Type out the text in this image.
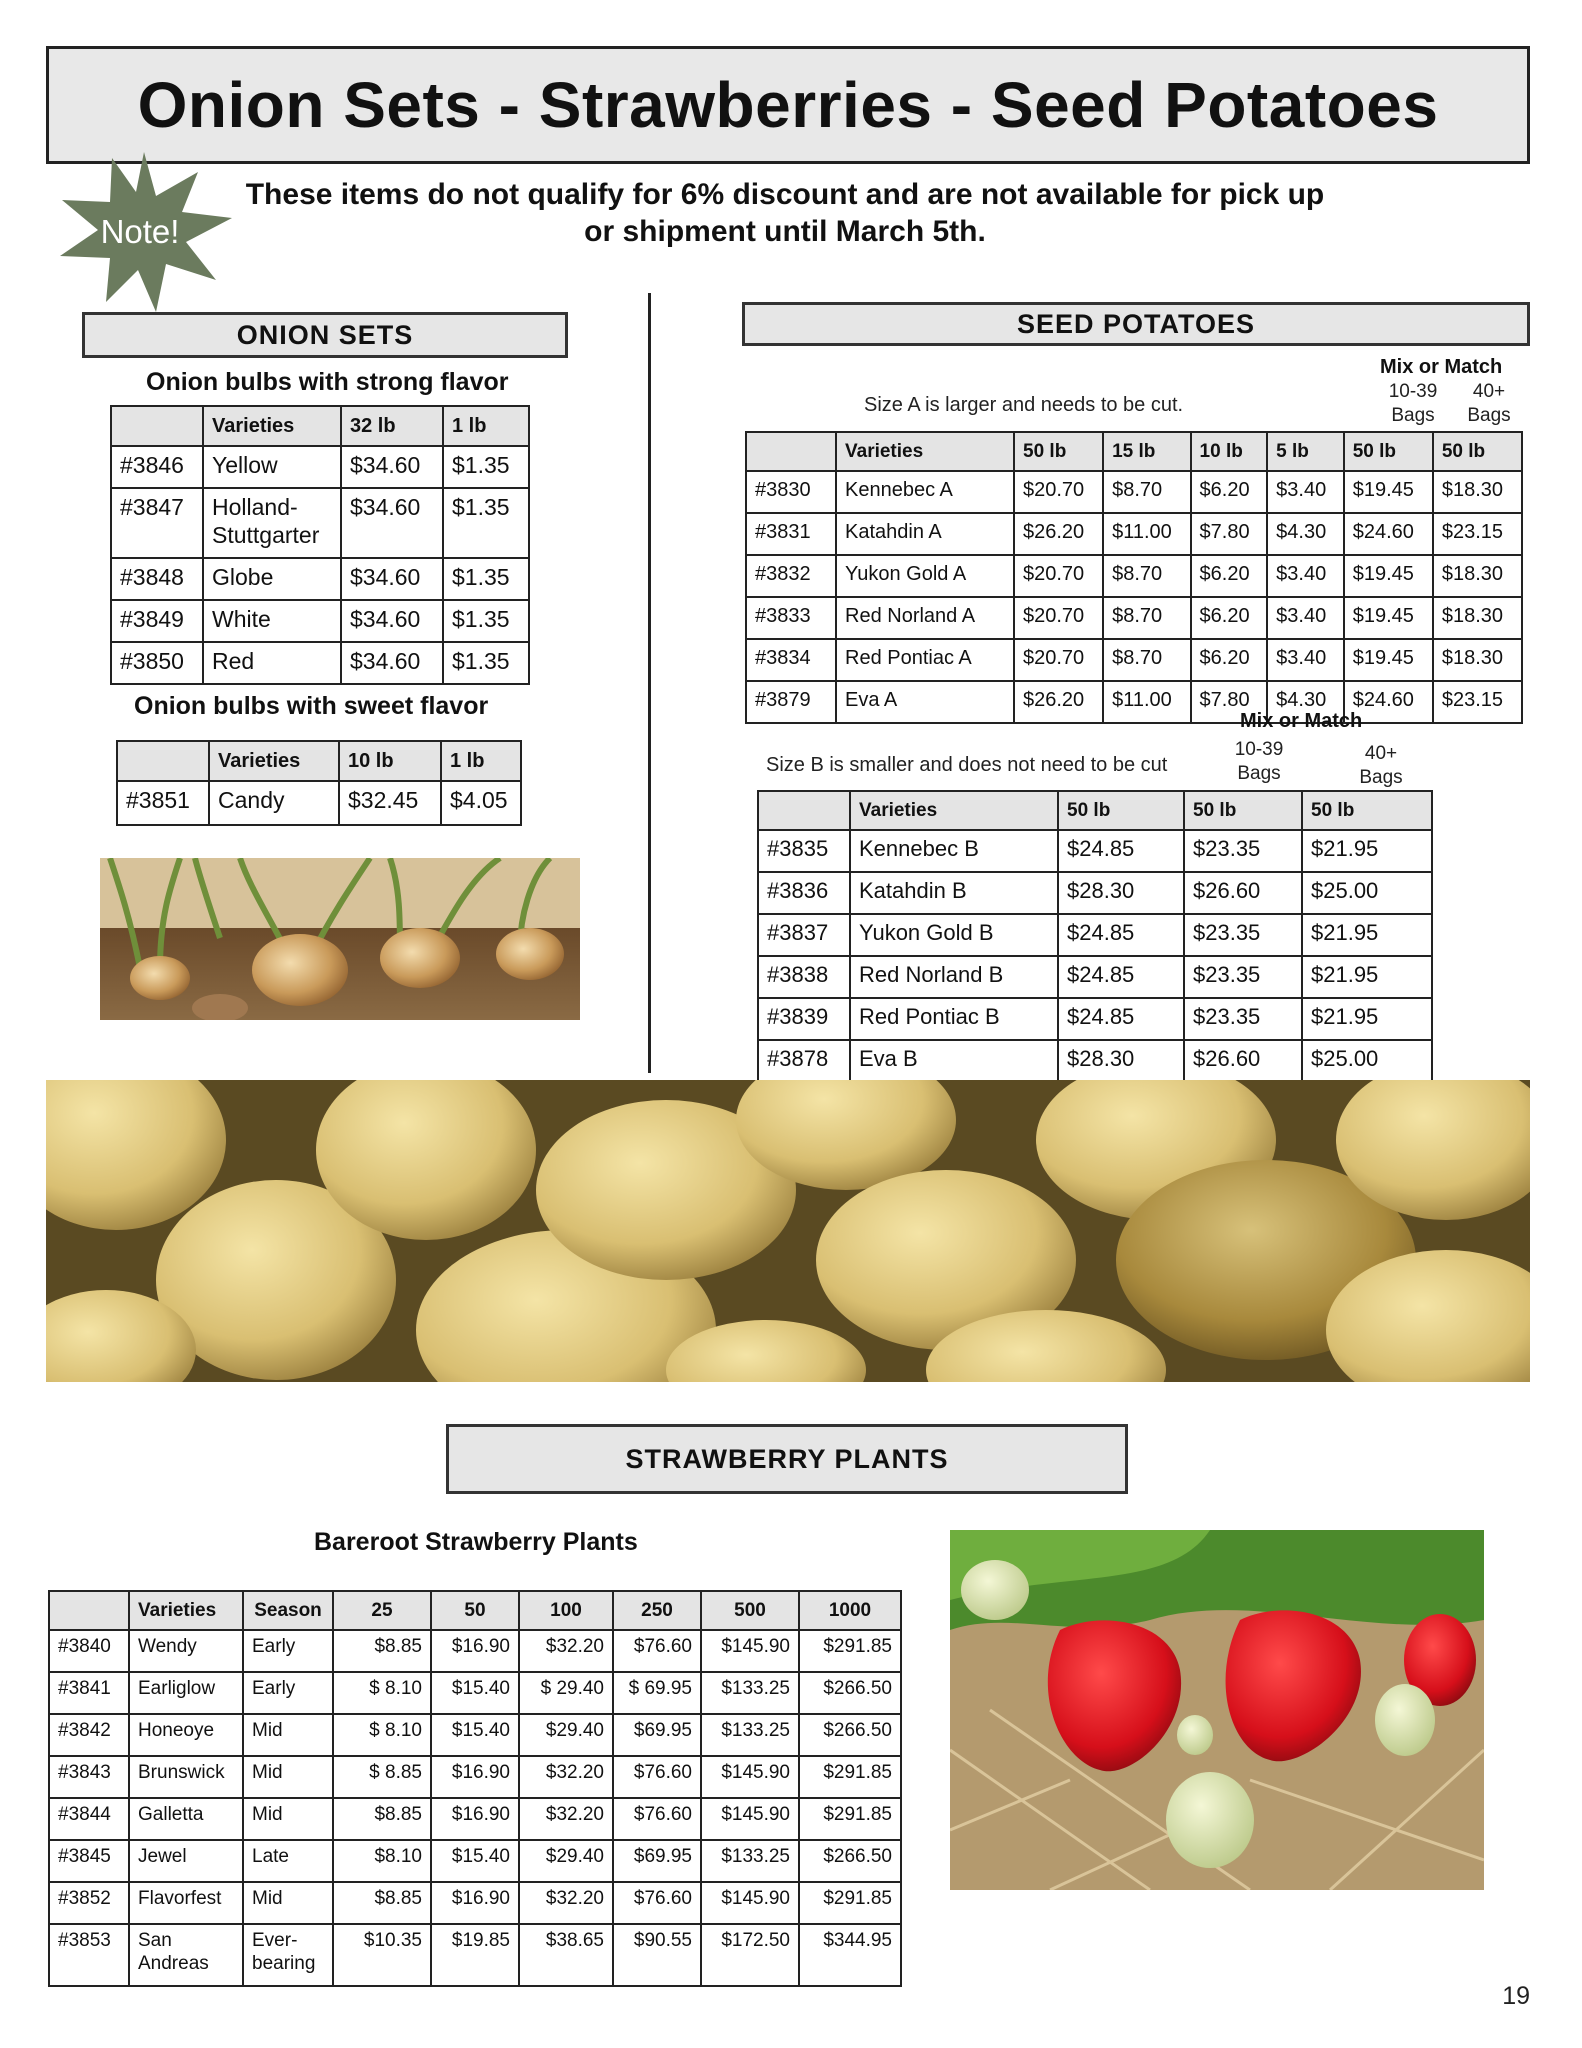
Onion Sets - Strawberries - Seed Potatoes
Note!
These items do not qualify for 6% discount and are not available for pick up
or shipment until March 5th.
ONION SETS
Onion bulbs with strong flavor
	Varieties	32 lb	1 lb
#3846	Yellow	$34.60	$1.35
#3847	Holland-
Stuttgarter	$34.60	$1.35
#3848	Globe	$34.60	$1.35
#3849	White	$34.60	$1.35
#3850	Red	$34.60	$1.35
Onion bulbs with sweet flavor
	Varieties	10 lb	1 lb
#3851	Candy	$32.45	$4.05
SEED POTATOES
Mix or Match
10-39
Bags
40+
Bags
Size A is larger and needs to be cut.
	Varieties	50 lb	15 lb	10 lb	5 lb	50 lb	50 lb
#3830	Kennebec A	$20.70	$8.70	$6.20	$3.40	$19.45	$18.30
#3831	Katahdin A	$26.20	$11.00	$7.80	$4.30	$24.60	$23.15
#3832	Yukon Gold A	$20.70	$8.70	$6.20	$3.40	$19.45	$18.30
#3833	Red Norland A	$20.70	$8.70	$6.20	$3.40	$19.45	$18.30
#3834	Red Pontiac A	$20.70	$8.70	$6.20	$3.40	$19.45	$18.30
#3879	Eva A	$26.20	$11.00	$7.80	$4.30	$24.60	$23.15
Mix or Match
10-39
Bags
40+
Bags
Size B is smaller and does not need to be cut
	Varieties	50 lb	50 lb	50 lb
#3835	Kennebec B	$24.85	$23.35	$21.95
#3836	Katahdin B	$28.30	$26.60	$25.00
#3837	Yukon Gold B	$24.85	$23.35	$21.95
#3838	Red Norland B	$24.85	$23.35	$21.95
#3839	Red Pontiac B	$24.85	$23.35	$21.95
#3878	Eva B	$28.30	$26.60	$25.00
STRAWBERRY PLANTS
Bareroot Strawberry Plants
	Varieties	Season	25	50	100	250	500	1000
#3840	Wendy	Early	$8.85	$16.90	$32.20	$76.60	$145.90	$291.85
#3841	Earliglow	Early	$ 8.10	$15.40	$ 29.40	$ 69.95	$133.25	$266.50
#3842	Honeoye	Mid	$ 8.10	$15.40	$29.40	$69.95	$133.25	$266.50
#3843	Brunswick	Mid	$ 8.85	$16.90	$32.20	$76.60	$145.90	$291.85
#3844	Galletta	Mid	$8.85	$16.90	$32.20	$76.60	$145.90	$291.85
#3845	Jewel	Late	$8.10	$15.40	$29.40	$69.95	$133.25	$266.50
#3852	Flavorfest	Mid	$8.85	$16.90	$32.20	$76.60	$145.90	$291.85
#3853	San Andreas	Ever-bearing	$10.35	$19.85	$38.65	$90.55	$172.50	$344.95
19
